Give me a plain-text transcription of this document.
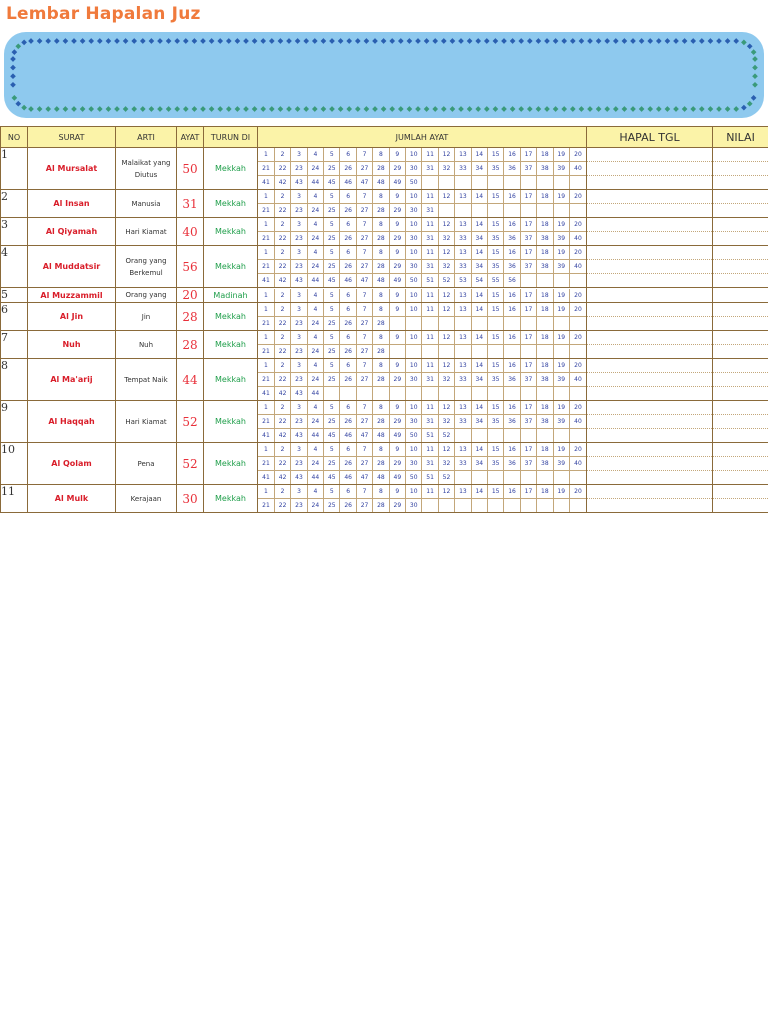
Lembar Hapalan Juz
NO	SURAT	ARTI	AYAT	TURUN DI	JUMLAH AYAT	HAPAL TGL	NILAI
1	Al Mursalat	Malaikat yang Diutus	50	Mekkah	
1	2	3	4	5	6	7	8	9	10	11	12	13	14	15	16	17	18	19	20
21	22	23	24	25	26	27	28	29	30	31	32	33	34	35	36	37	38	39	40
41	42	43	44	45	46	47	48	49	50										

2	Al Insan	Manusia	31	Mekkah	
1	2	3	4	5	6	7	8	9	10	11	12	13	14	15	16	17	18	19	20
21	22	23	24	25	26	27	28	29	30	31									

3	Al Qiyamah	Hari Kiamat	40	Mekkah	
1	2	3	4	5	6	7	8	9	10	11	12	13	14	15	16	17	18	19	20
21	22	23	24	25	26	27	28	29	30	31	32	33	34	35	36	37	38	39	40

4	Al Muddatsir	Orang yang Berkemul	56	Mekkah	
1	2	3	4	5	6	7	8	9	10	11	12	13	14	15	16	17	18	19	20
21	22	23	24	25	26	27	28	29	30	31	32	33	34	35	36	37	38	39	40
41	42	43	44	45	46	47	48	49	50	51	52	53	54	55	56				

5	Al Muzzammil	Orang yang	20	Madinah		1	2	3	4	5	6	7	8	9	10	11	12	13	14	15	16	17	18	19	20

6	Al Jin	Jin	28	Mekkah	
1	2	3	4	5	6	7	8	9	10	11	12	13	14	15	16	17	18	19	20
21	22	23	24	25	26	27	28												

7	Nuh	Nuh	28	Mekkah	
1	2	3	4	5	6	7	8	9	10	11	12	13	14	15	16	17	18	19	20
21	22	23	24	25	26	27	28												

8	Al Ma'arij	Tempat Naik	44	Mekkah	
1	2	3	4	5	6	7	8	9	10	11	12	13	14	15	16	17	18	19	20
21	22	23	24	25	26	27	28	29	30	31	32	33	34	35	36	37	38	39	40
41	42	43	44																

9	Al Haqqah	Hari Kiamat	52	Mekkah	
1	2	3	4	5	6	7	8	9	10	11	12	13	14	15	16	17	18	19	20
21	22	23	24	25	26	27	28	29	30	31	32	33	34	35	36	37	38	39	40
41	42	43	44	45	46	47	48	49	50	51	52								

10	Al Qolam	Pena	52	Mekkah	
1	2	3	4	5	6	7	8	9	10	11	12	13	14	15	16	17	18	19	20
21	22	23	24	25	26	27	28	29	30	31	32	33	34	35	36	37	38	39	40
41	42	43	44	45	46	47	48	49	50	51	52								

11	Al Mulk	Kerajaan	30	Mekkah	
1	2	3	4	5	6	7	8	9	10	11	12	13	14	15	16	17	18	19	20
21	22	23	24	25	26	27	28	29	30										
